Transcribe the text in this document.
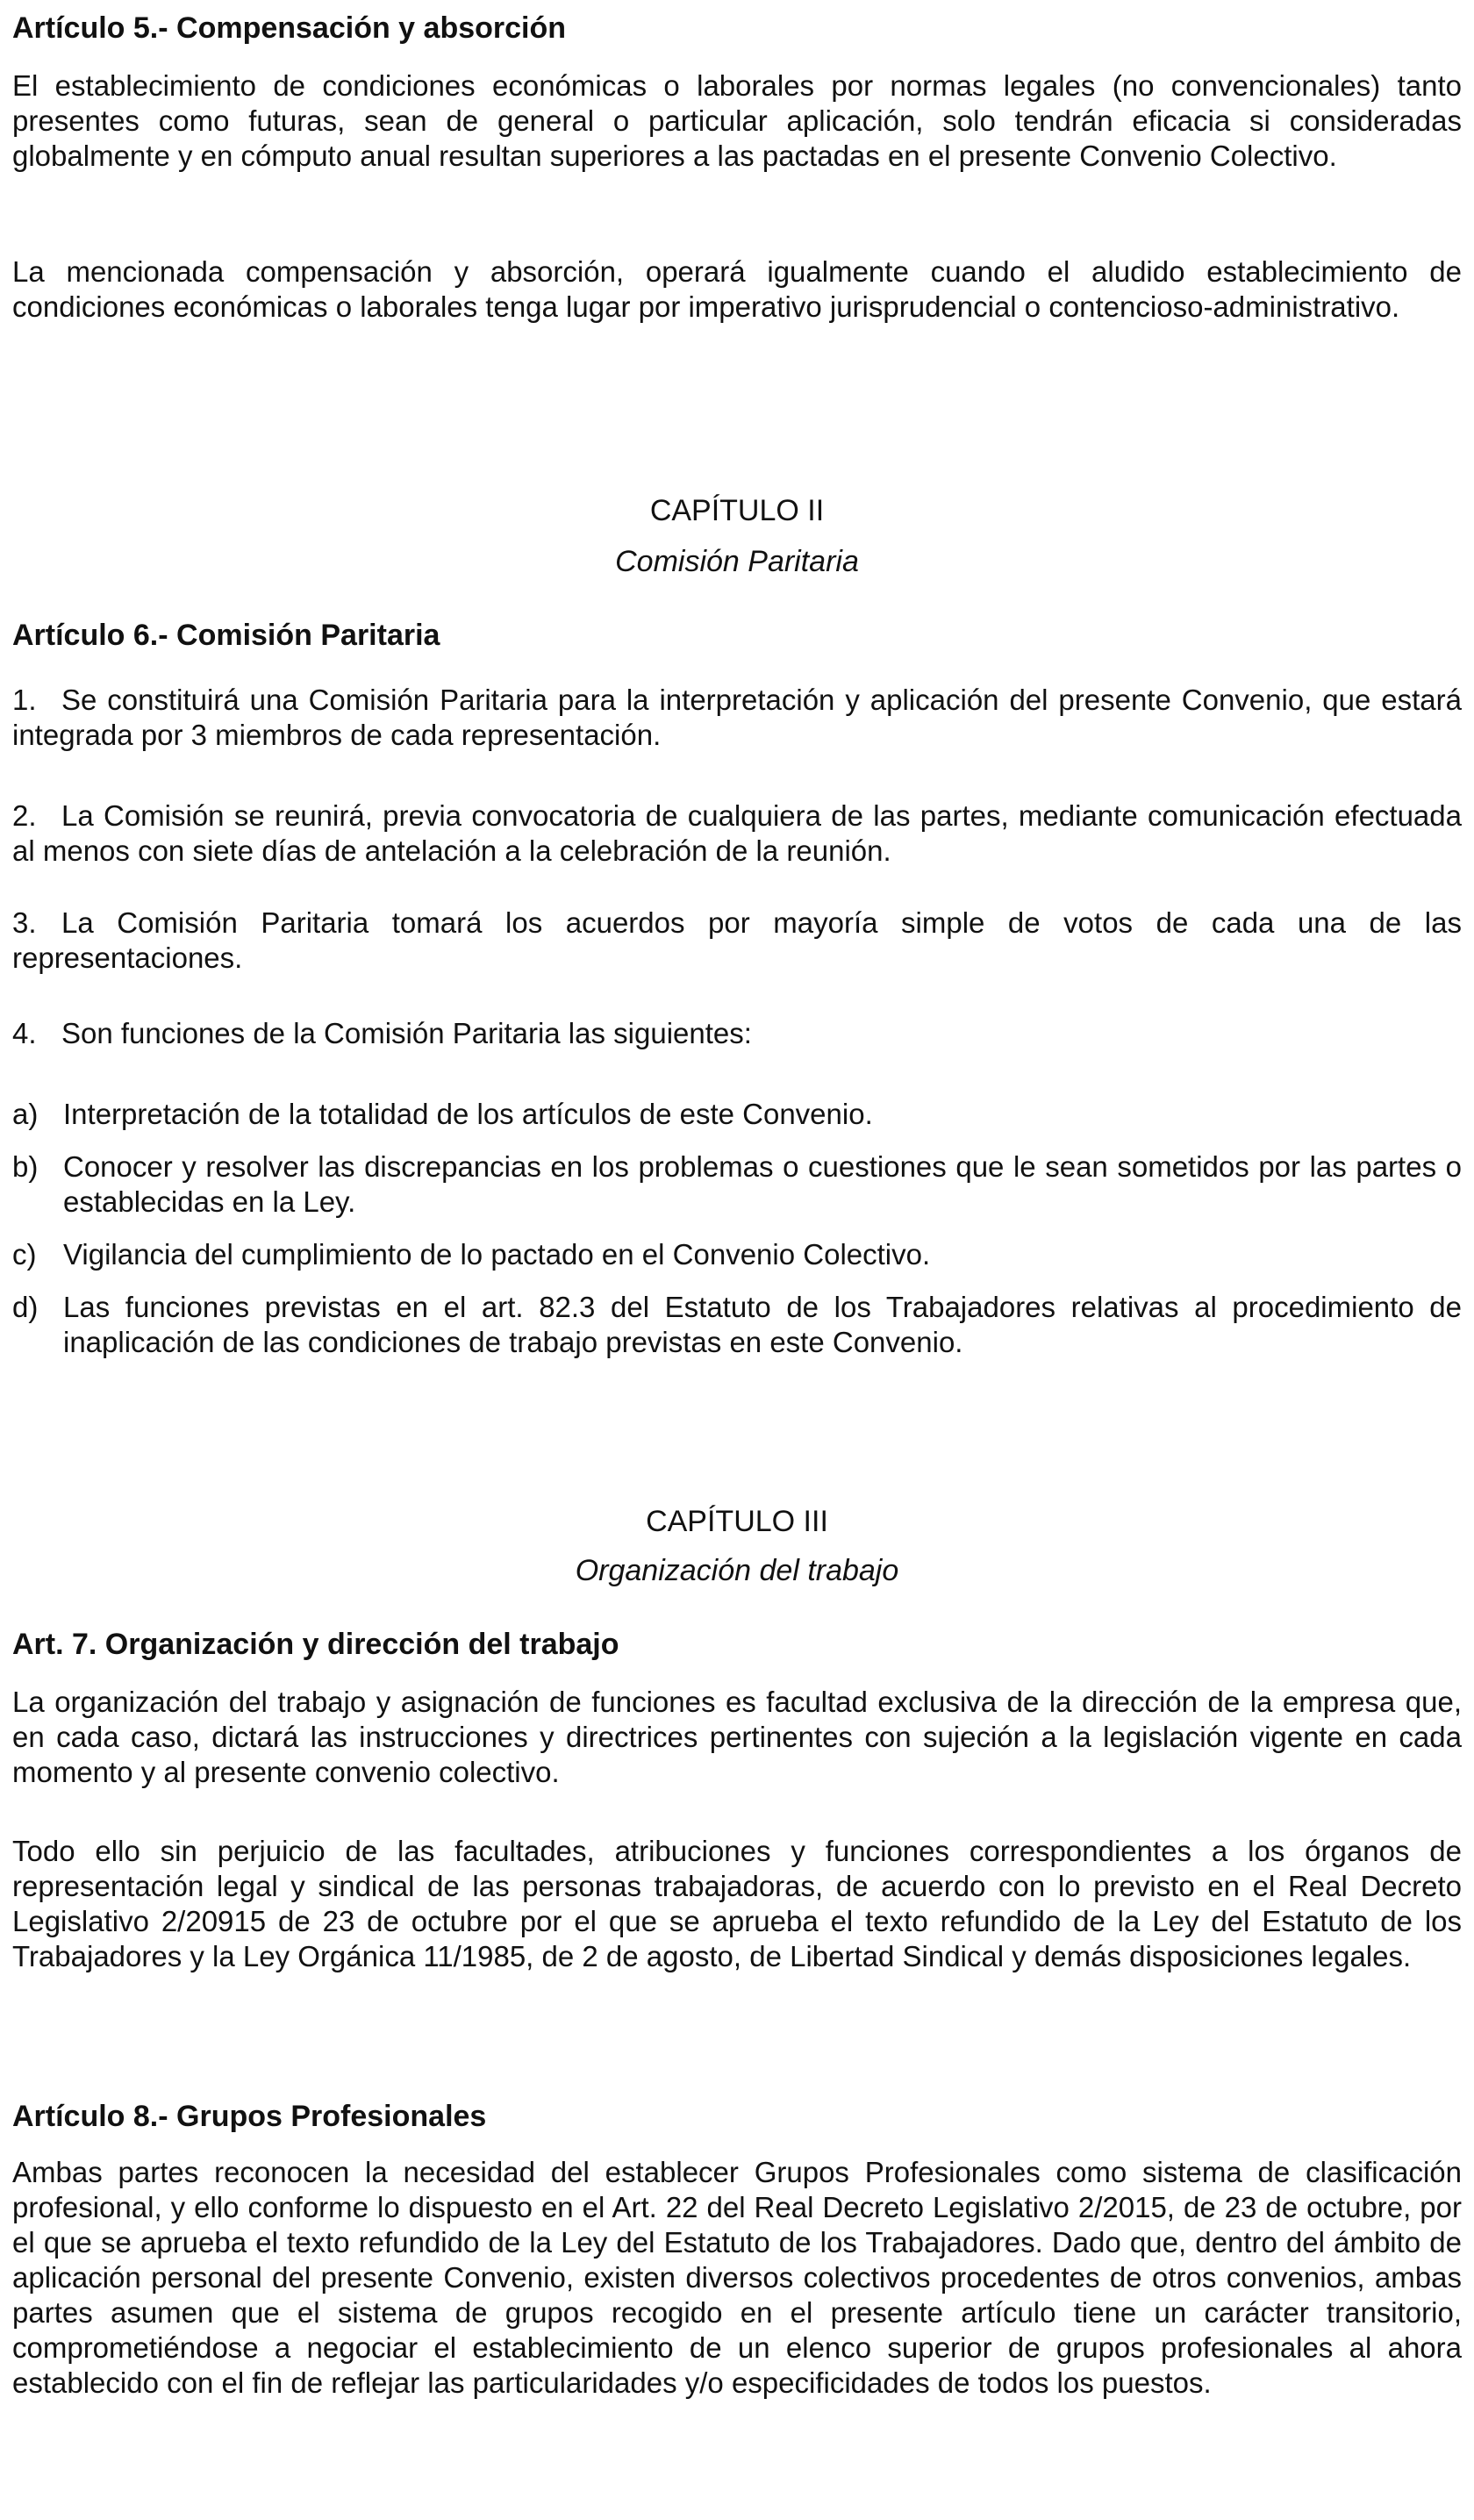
Artículo 5.- Compensación y absorción

El establecimiento de condiciones económicas o laborales por normas legales (no convencionales) tanto presentes como futuras, sean de general o particular aplicación, solo tendrán eficacia si consideradas globalmente y en cómputo anual resultan superiores a las pactadas en el presente Convenio Colectivo.

La mencionada compensación y absorción, operará igualmente cuando el aludido establecimiento de condiciones económicas o laborales tenga lugar por imperativo jurisprudencial o contencioso-administrativo.

CAPÍTULO II
Comisión Paritaria
Artículo 6.- Comisión Paritaria
1. Se constituirá una Comisión Paritaria para la interpretación y aplicación del presente Convenio, que estará integrada por 3 miembros de cada representación.
2. La Comisión se reunirá, previa convocatoria de cualquiera de las partes, mediante comunicación efectuada al menos con siete días de antelación a la celebración de la reunión.
3. La Comisión Paritaria tomará los acuerdos por mayoría simple de votos de cada una de las representaciones.
4. Son funciones de la Comisión Paritaria las siguientes:
a) Interpretación de la totalidad de los artículos de este Convenio.
b) Conocer y resolver las discrepancias en los problemas o cuestiones que le sean sometidos por las partes o establecidas en la Ley.
c) Vigilancia del cumplimiento de lo pactado en el Convenio Colectivo.
d) Las funciones previstas en el art. 82.3 del Estatuto de los Trabajadores relativas al procedimiento de inaplicación de las condiciones de trabajo previstas en este Convenio.
CAPÍTULO III
Organización del trabajo
Art. 7. Organización y dirección del trabajo

La organización del trabajo y asignación de funciones es facultad exclusiva de la dirección de la empresa que, en cada caso, dictará las instrucciones y directrices pertinentes con sujeción a la legislación vigente en cada momento y al presente convenio colectivo.

Todo ello sin perjuicio de las facultades, atribuciones y funciones correspondientes a los órganos de representación legal y sindical de las personas trabajadoras, de acuerdo con lo previsto en el Real Decreto Legislativo 2/20915 de 23 de octubre por el que se aprueba el texto refundido de la Ley del Estatuto de los Trabajadores y la Ley Orgánica 11/1985, de 2 de agosto, de Libertad Sindical y demás disposiciones legales.

Artículo 8.- Grupos Profesionales

Ambas partes reconocen la necesidad del establecer Grupos Profesionales como sistema de clasificación profesional, y ello conforme lo dispuesto en el Art. 22 del Real Decreto Legislativo 2/2015, de 23 de octubre, por el que se aprueba el texto refundido de la Ley del Estatuto de los Trabajadores. Dado que, dentro del ámbito de aplicación personal del presente Convenio, existen diversos colectivos procedentes de otros convenios, ambas partes asumen que el sistema de grupos recogido en el presente artículo tiene un carácter transitorio, comprometiéndose a negociar el establecimiento de un elenco superior de grupos profesionales al ahora establecido con el fin de reflejar las particularidades y/o especificidades de todos los puestos.
